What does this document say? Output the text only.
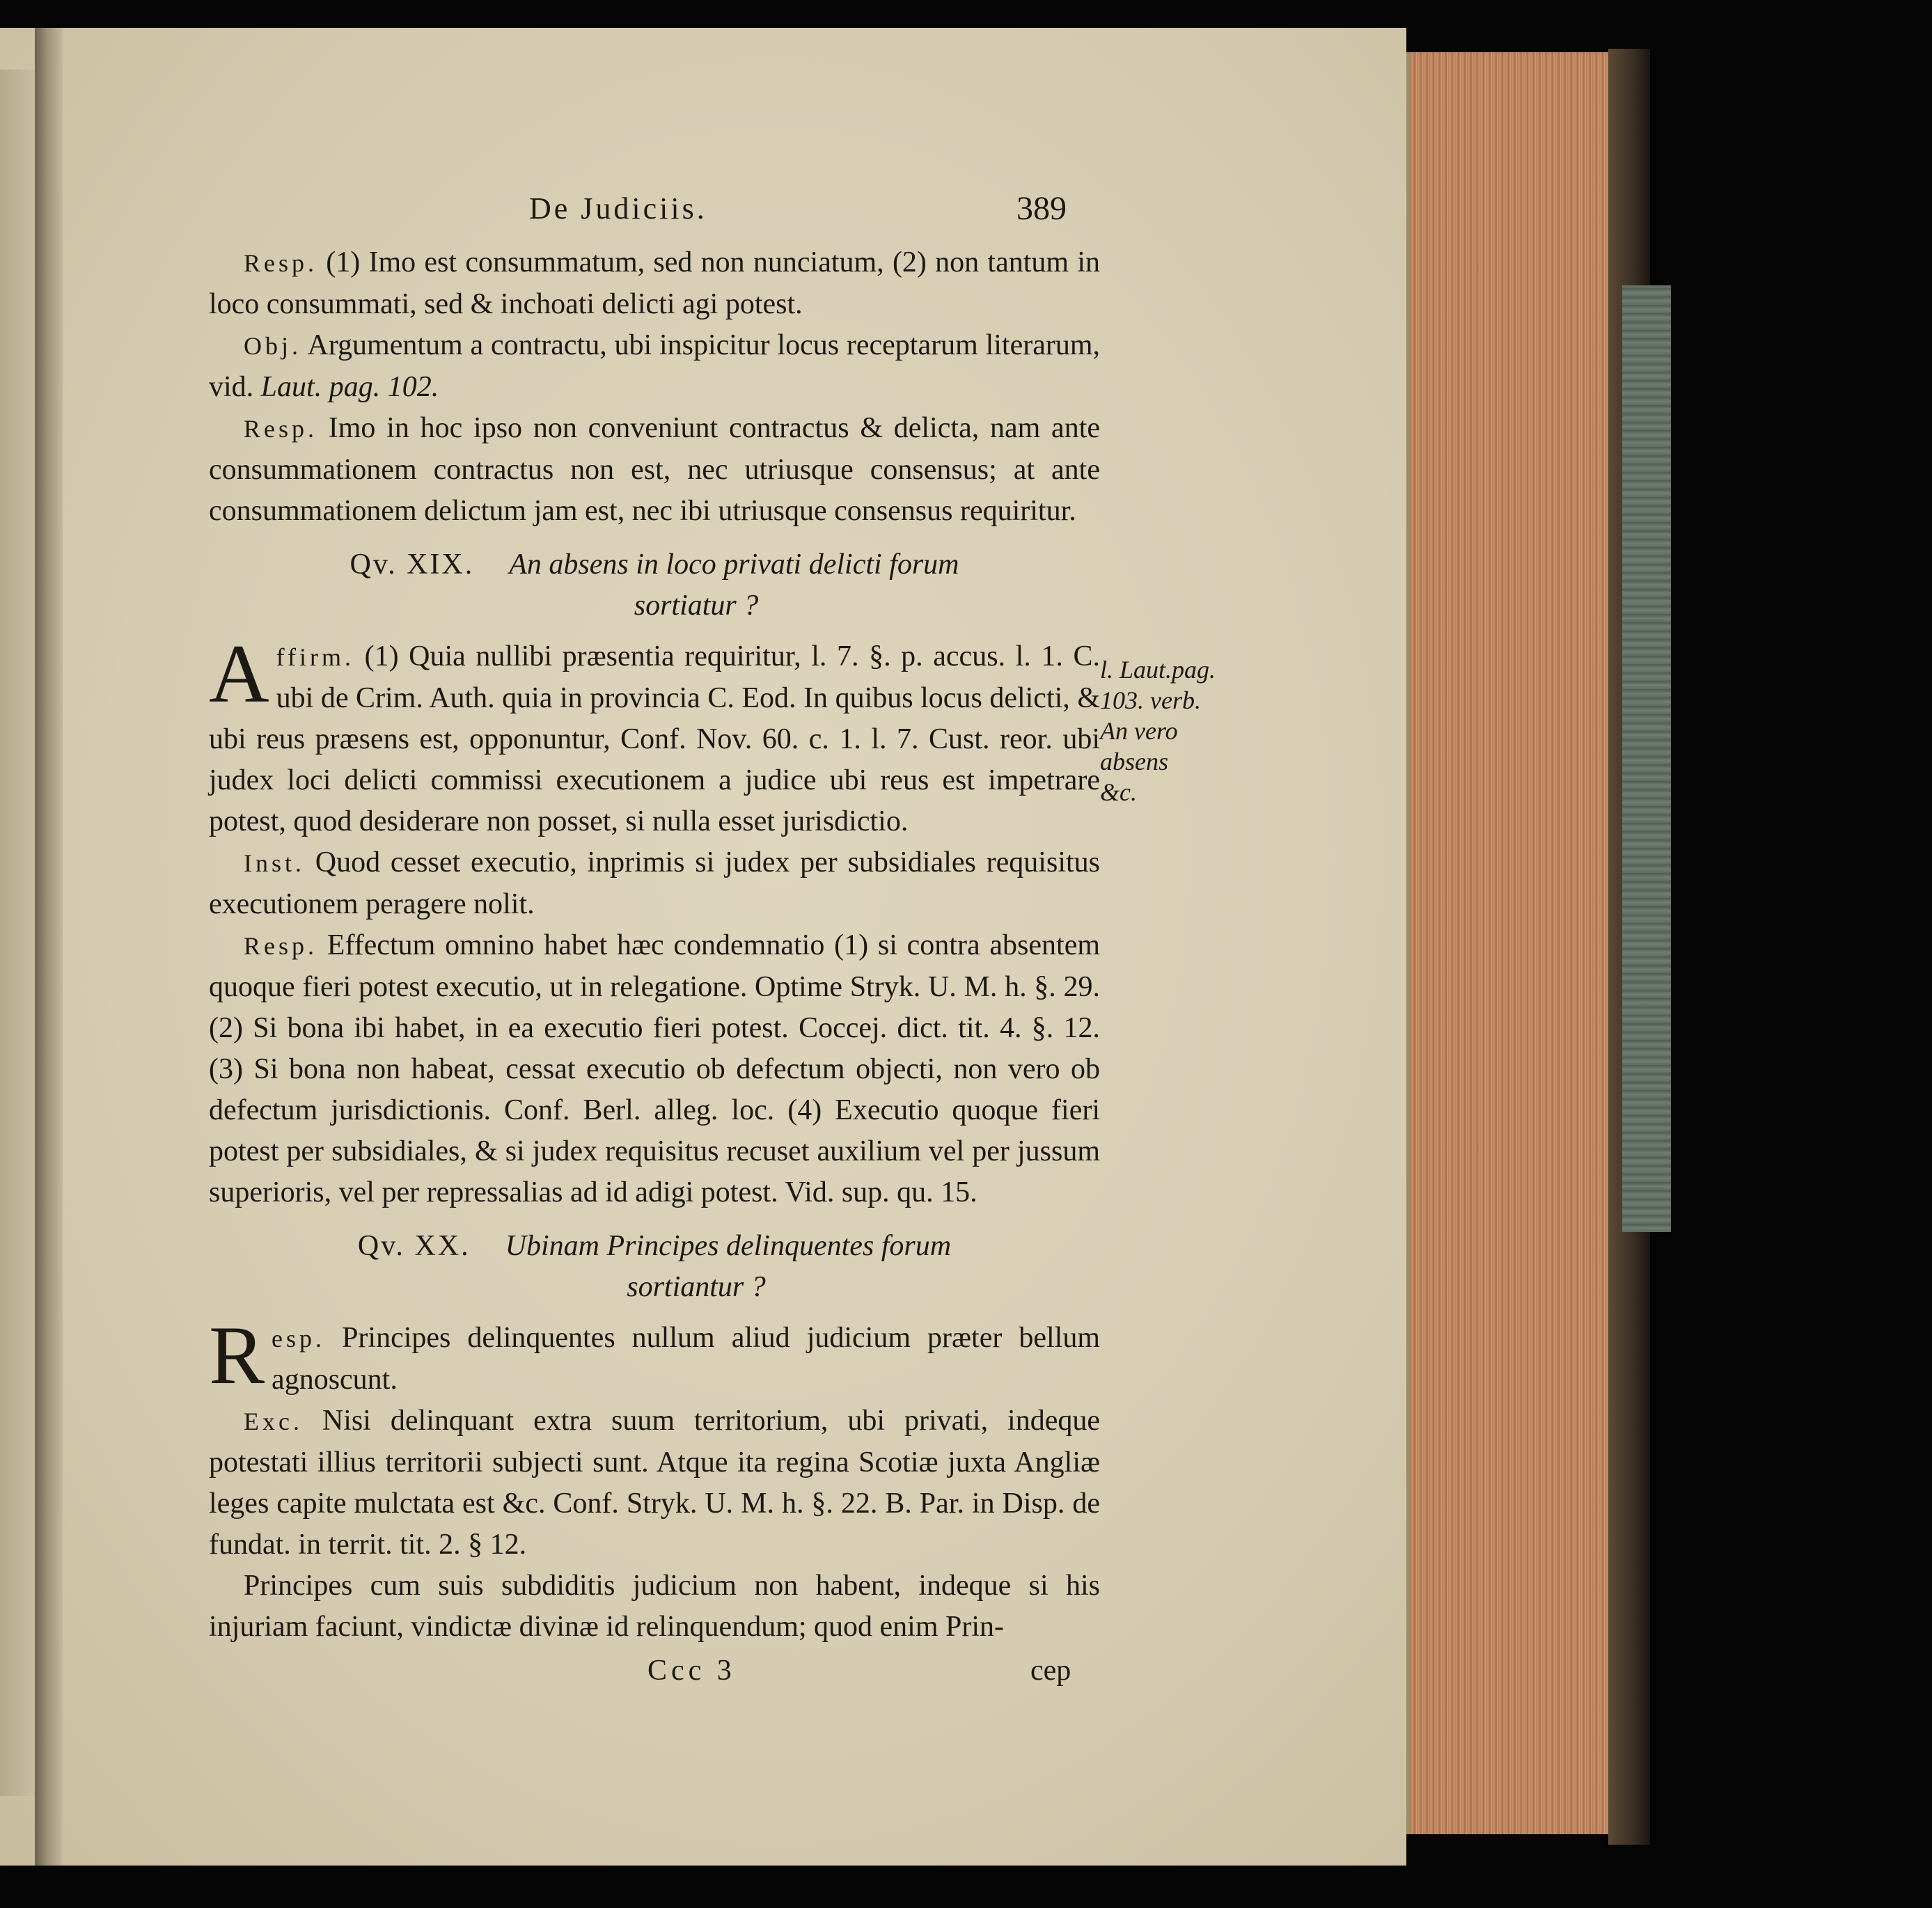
De Judiciis.	389

Resp. (1) Imo est consummatum, sed non nunciatum, (2) non tantum in loco consummati, sed & inchoati delicti agi potest.

Obj. Argumentum a contractu, ubi inspicitur locus receptarum literarum, vid. Laut. pag. 102.

Resp. Imo in hoc ipso non conveniunt contractus & delicta, nam ante consummationem contractus non est, nec utriusque consensus; at ante consummationem delictum jam est, nec ibi utriusque consensus requiritur.

Qv. XIX. An absens in loco privati delicti forum
sortiatur ?

Affirm. (1) Quia nullibi præsentia requiritur, l. 7. §. p. accus. l. 1. C. ubi de Crim. Auth. quia in provincia C. Eod. In quibus locus delicti, & ubi reus præsens est, opponuntur, Conf. Nov. 60. c. 1. l. 7. Cust. reor. ubi judex loci delicti commissi executionem a judice ubi reus est impetrare potest, quod desiderare non posset, si nulla esset jurisdictio.

Inst. Quod cesset executio, inprimis si judex per subsidiales requisitus executionem peragere nolit.

Resp. Effectum omnino habet hæc condemnatio (1) si contra absentem quoque fieri potest executio, ut in relegatione. Optime Stryk. U. M. h. §. 29. (2) Si bona ibi habet, in ea executio fieri potest. Coccej. dict. tit. 4. §. 12. (3) Si bona non habeat, cessat executio ob defectum objecti, non vero ob defectum jurisdictionis. Conf. Berl. alleg. loc. (4) Executio quoque fieri potest per subsidiales, & si judex requisitus recuset auxilium vel per jussum superioris, vel per repressalias ad id adigi potest. Vid. sup. qu. 15.

Qv. XX. Ubinam Principes delinquentes forum
sortiantur ?

Resp. Principes delinquentes nullum aliud judicium præter bellum agnoscunt.

Exc. Nisi delinquant extra suum territorium, ubi privati, indeque potestati illius territorii subjecti sunt. Atque ita regina Scotiæ juxta Angliæ leges capite mulctata est &c. Conf. Stryk. U. M. h. §. 22. B. Par. in Disp. de fundat. in territ. tit. 2. § 12.

Principes cum suis subdiditis judicium non habent, indeque si his injuriam faciunt, vindictæ divinæ id relinquendum; quod enim Prin-

Ccc 3	cep
l. Laut.pag.
103. verb.
An vero
absens
&c.
